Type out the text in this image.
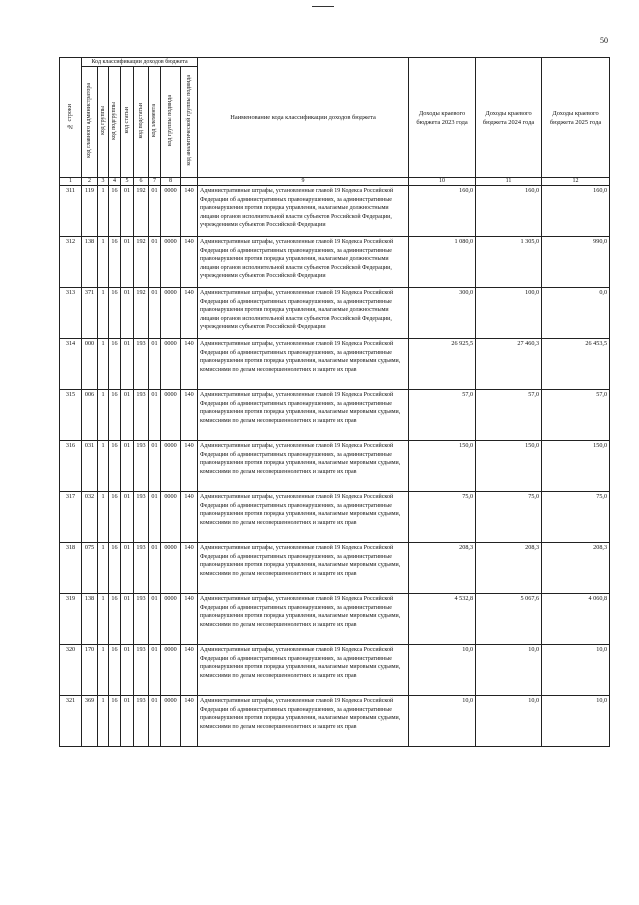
50
№ строки	Код классификации доходов бюджета								Наименование кода классификации доходов бюджета	Доходы краевого бюджета 2023 года	Доходы краевого бюджета 2024 года	Доходы краевого бюджета 2025 года
	код главного администратора	код группы	код подгруппы	код статьи	код подстатьи	код элемента	код группы подвида	код аналитической группы подвида				
1	2	3	4	5	6	7	8		9	10	11	12
311	119	1	16	01	192	01	0000	140	Административные штрафы, установленные главой 19 Кодекса Российской Федерации об административных правонарушениях, за административные правонарушения против порядка управления, налагаемые должностными лицами органов исполнительной власти субъектов Российской Федерации, учреждениями субъектов Российской Федерации	160,0	160,0	160,0
312	138	1	16	01	192	01	0000	140	Административные штрафы, установленные главой 19 Кодекса Российской Федерации об административных правонарушениях, за административные правонарушения против порядка управления, налагаемые должностными лицами органов исполнительной власти субъектов Российской Федерации, учреждениями субъектов Российской Федерации	1 080,0	1 305,0	990,0
313	371	1	16	01	192	01	0000	140	Административные штрафы, установленные главой 19 Кодекса Российской Федерации об административных правонарушениях, за административные правонарушения против порядка управления, налагаемые должностными лицами органов исполнительной власти субъектов Российской Федерации, учреждениями субъектов Российской Федерации	300,0	100,0	0,0
314	000	1	16	01	193	01	0000	140	Административные штрафы, установленные главой 19 Кодекса Российской Федерации об административных правонарушениях, за административные правонарушения против порядка управления, налагаемые мировыми судьями, комиссиями по делам несовершеннолетних и защите их прав	26 925,5	27 460,3	26 453,5
315	006	1	16	01	193	01	0000	140	Административные штрафы, установленные главой 19 Кодекса Российской Федерации об административных правонарушениях, за административные правонарушения против порядка управления, налагаемые мировыми судьями, комиссиями по делам несовершеннолетних и защите их прав	57,0	57,0	57,0
316	031	1	16	01	193	01	0000	140	Административные штрафы, установленные главой 19 Кодекса Российской Федерации об административных правонарушениях, за административные правонарушения против порядка управления, налагаемые мировыми судьями, комиссиями по делам несовершеннолетних и защите их прав	150,0	150,0	150,0
317	032	1	16	01	193	01	0000	140	Административные штрафы, установленные главой 19 Кодекса Российской Федерации об административных правонарушениях, за административные правонарушения против порядка управления, налагаемые мировыми судьями, комиссиями по делам несовершеннолетних и защите их прав	75,0	75,0	75,0
318	075	1	16	01	193	01	0000	140	Административные штрафы, установленные главой 19 Кодекса Российской Федерации об административных правонарушениях, за административные правонарушения против порядка управления, налагаемые мировыми судьями, комиссиями по делам несовершеннолетних и защите их прав	208,3	208,3	208,3
319	138	1	16	01	193	01	0000	140	Административные штрафы, установленные главой 19 Кодекса Российской Федерации об административных правонарушениях, за административные правонарушения против порядка управления, налагаемые мировыми судьями, комиссиями по делам несовершеннолетних и защите их прав	4 532,8	5 067,6	4 060,8
320	170	1	16	01	193	01	0000	140	Административные штрафы, установленные главой 19 Кодекса Российской Федерации об административных правонарушениях, за административные правонарушения против порядка управления, налагаемые мировыми судьями, комиссиями по делам несовершеннолетних и защите их прав	10,0	10,0	10,0
321	369	1	16	01	193	01	0000	140	Административные штрафы, установленные главой 19 Кодекса Российской Федерации об административных правонарушениях, за административные правонарушения против порядка управления, налагаемые мировыми судьями, комиссиями по делам несовершеннолетних и защите их прав	10,0	10,0	10,0
